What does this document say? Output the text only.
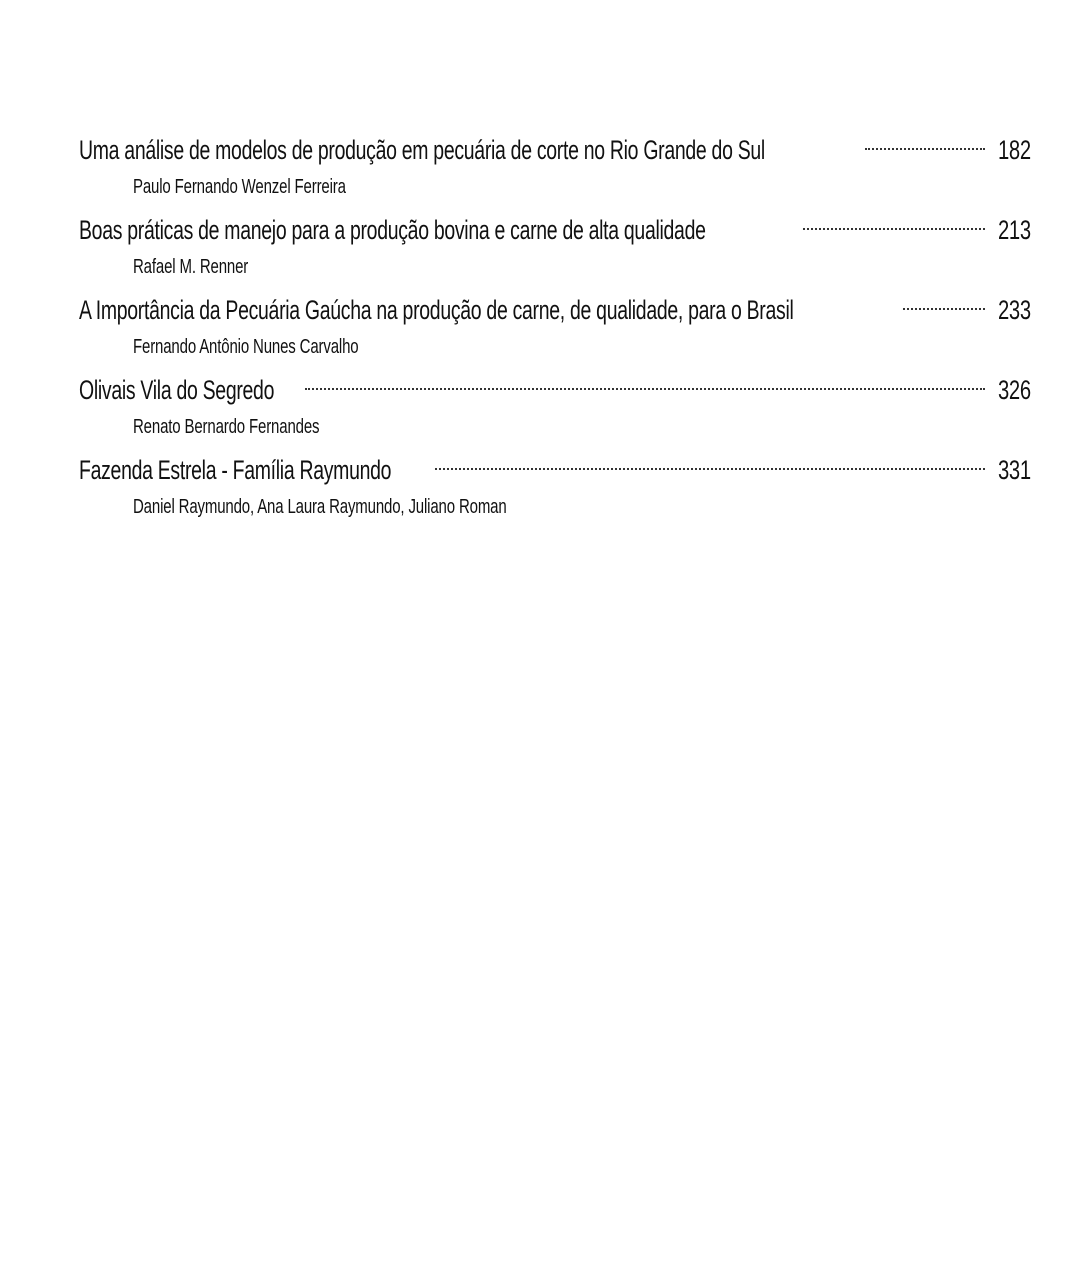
Uma análise de modelos de produção em pecuária de corte no Rio Grande do Sul	182
Paulo Fernando Wenzel Ferreira
Boas práticas de manejo para a produção bovina e carne de alta qualidade	213
Rafael M. Renner
A Importância da Pecuária Gaúcha na produção de carne, de qualidade, para o Brasil	233
Fernando Antônio Nunes Carvalho
Olivais Vila do Segredo	326
Renato Bernardo Fernandes
Fazenda Estrela - Família Raymundo	331
Daniel Raymundo, Ana Laura Raymundo, Juliano Roman
